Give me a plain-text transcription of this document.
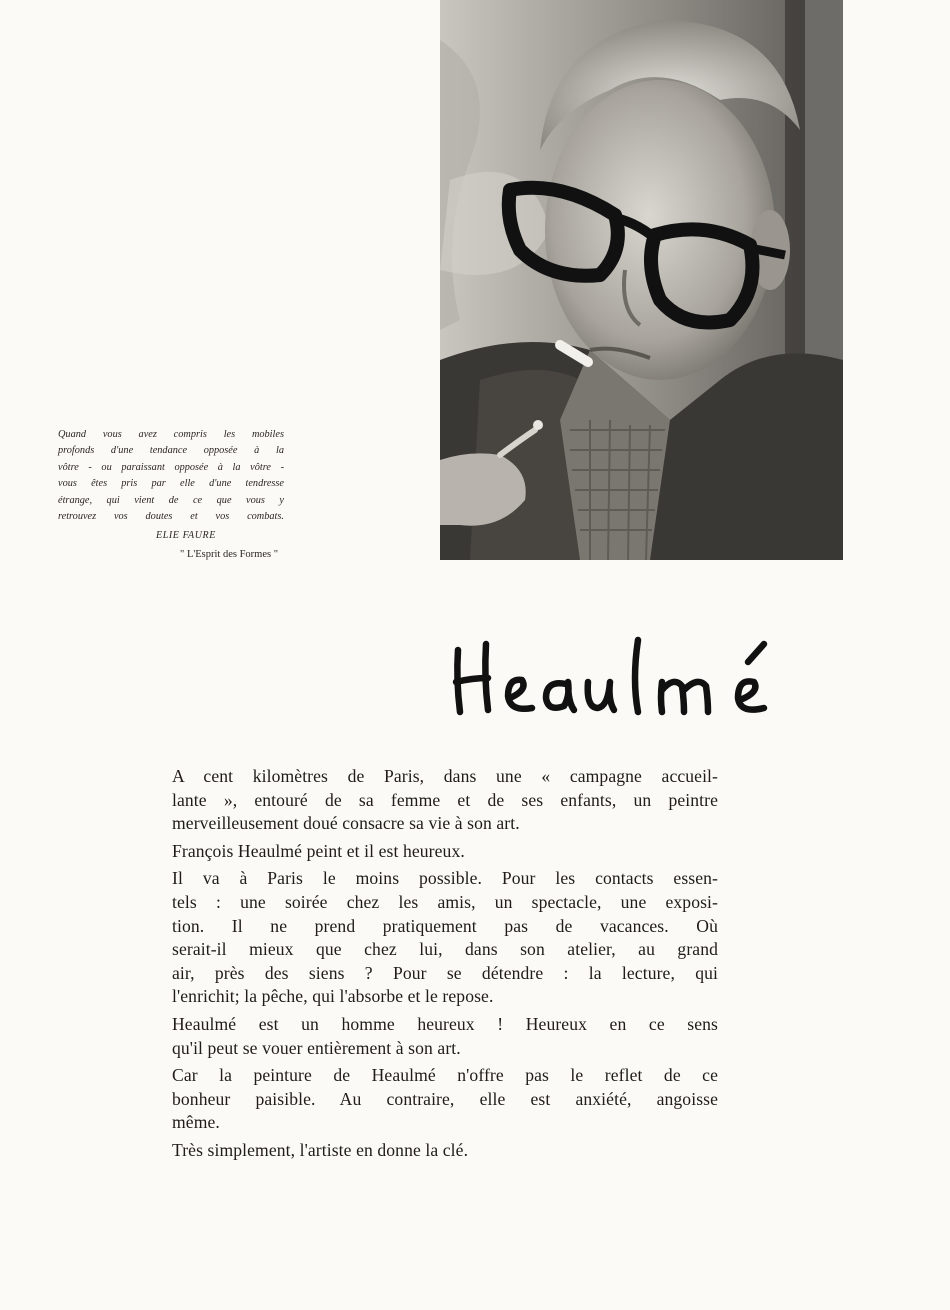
Quand vous avez compris les mobiles
profonds d'une tendance opposée à la
vôtre - ou paraissant opposée à la vôtre -
vous êtes pris par elle d'une tendresse
étrange, qui vient de ce que vous y
retrouvez vos doutes et vos combats.
ELIE FAURE
" L'Esprit des Formes "

A cent kilomètres de Paris, dans une « campagne accueil-
lante », entouré de sa femme et de ses enfants, un peintre
merveilleusement doué consacre sa vie à son art.

François Heaulmé peint et il est heureux.

Il va à Paris le moins possible. Pour les contacts essen-
tels : une soirée chez les amis, un spectacle, une exposi-
tion. Il ne prend pratiquement pas de vacances. Où
serait-il mieux que chez lui, dans son atelier, au grand
air, près des siens ? Pour se détendre : la lecture, qui
l'enrichit; la pêche, qui l'absorbe et le repose.

Heaulmé est un homme heureux ! Heureux en ce sens
qu'il peut se vouer entièrement à son art.

Car la peinture de Heaulmé n'offre pas le reflet de ce
bonheur paisible. Au contraire, elle est anxiété, angoisse
même.

Très simplement, l'artiste en donne la clé.
